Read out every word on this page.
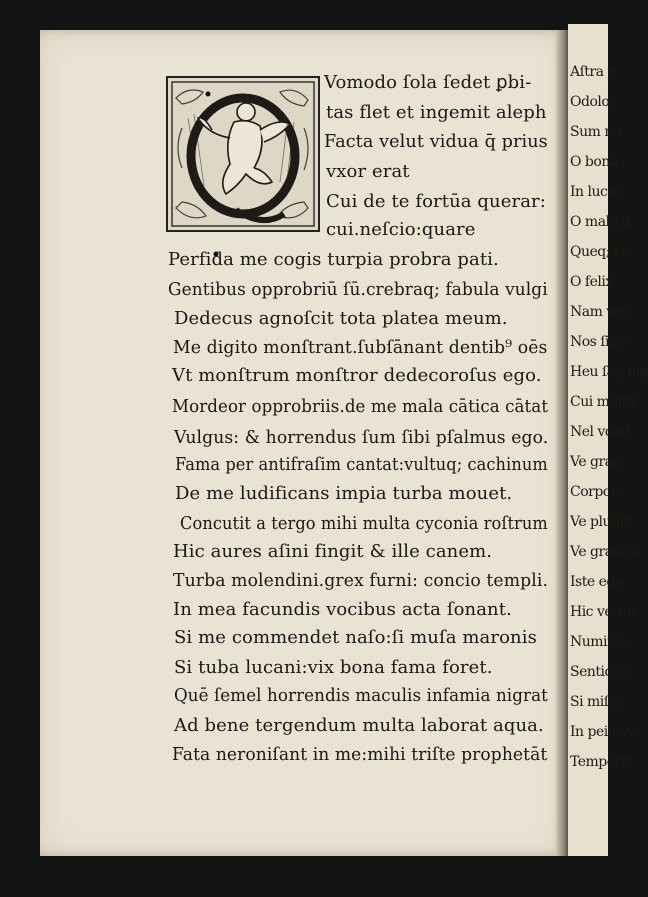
Aſtra p
Odolor
Sum mi
O bona
In luctu
O mala d
Queq; re
O felix
Nam ven
Nos ſine
Heu ſag nig
Cui multu
Nel vomi
Ve grau
Corpore
Ve plumb
Ve grauitu
Iste ego
Hic verun
Numinis
Sentio fo
Si miſer
In peius v
Temperat
Vomodo ſola ſedet ꝑbi-
tas flet et ingemit aleph
Facta velut vidua q̄ prius
vxor erat
Cui de te fortūa querar:
cui.neſcio:quare
Perfida me cogis turpia probra pati.
Gentibus opprobriū ſū.crebraq; fabula vulgi
Dedecus agnoſcit tota platea meum.
Me digito monſtrant.ſubſānant dentib⁹ oēs
Vt monſtrum monſtror dedecoroſus ego.
Mordeor opprobriis.de me mala cātica cātat
Vulgus: & horrendus ſum ſibi pſalmus ego.
Fama per antifraſim cantat:vultuq; cachinum
De me ludificans impia turba mouet.
Concutit a tergo mihi multa cyconia roſtrum
Hic aures aſini fingit & ille canem.
Turba molendini.grex furni: concio templi.
In mea facundis vocibus acta ſonant.
Si me commendet naſo:ſi muſa maronis
Si tuba lucani:vix bona fama foret.
Quē ſemel horrendis maculis infamia nigrat
Ad bene tergendum multa laborat aqua.
Fata neroniſant in me:mihi triſte prophetāt
